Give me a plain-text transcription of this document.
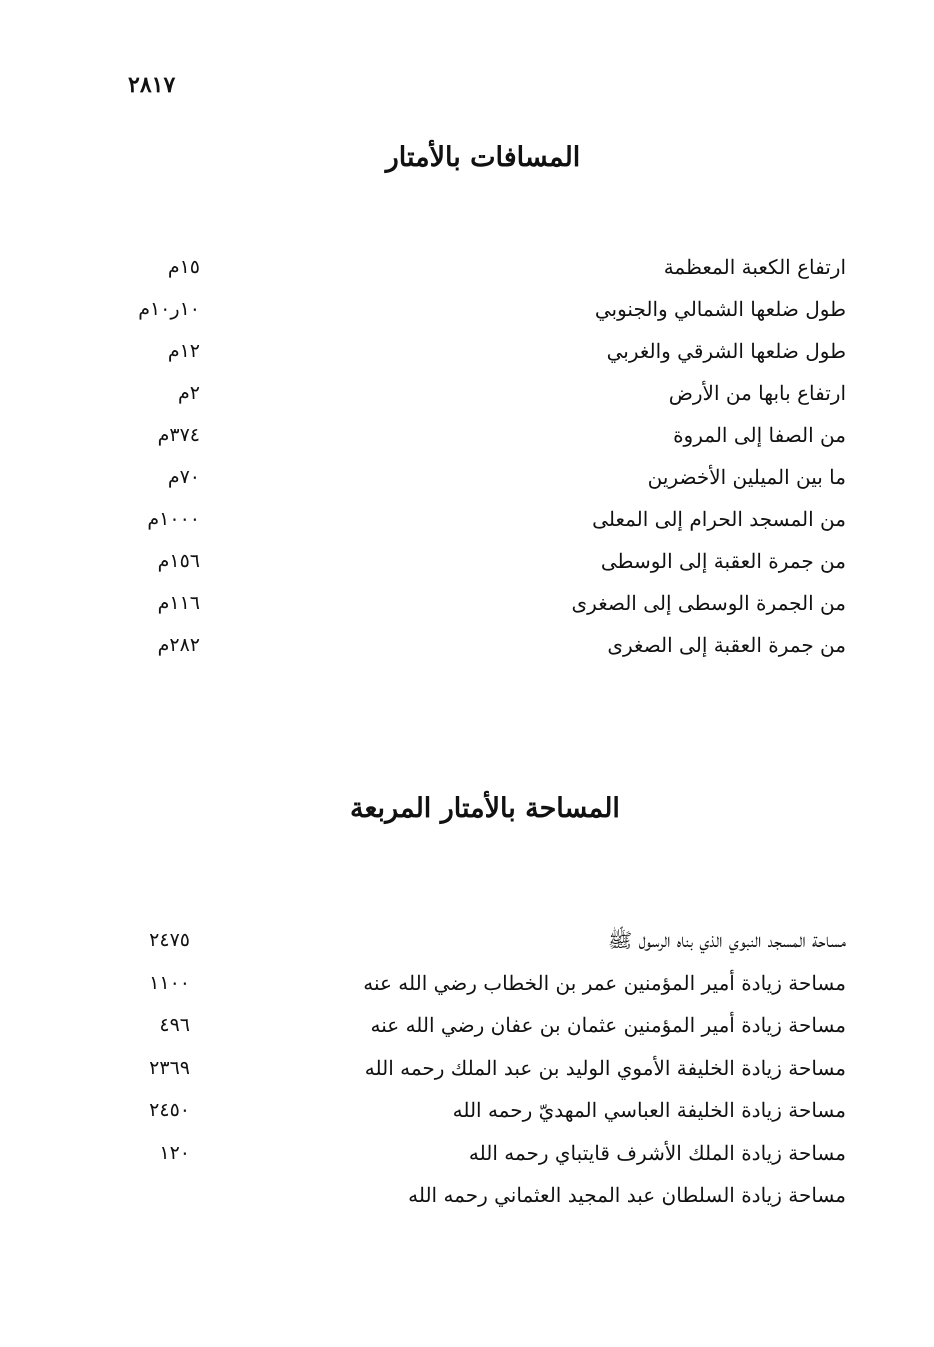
٢٨١٧
المسافات بالأمتار
ارتفاع الكعبة المعظمة
١٥م
طول ضلعها الشمالي والجنوبي
١٠ر١٠م
طول ضلعها الشرقي والغربي
١٢م
ارتفاع بابها من الأرض
٢م
من الصفا إلى المروة
٣٧٤م
ما بين الميلين الأخضرين
٧٠م
من المسجد الحرام إلى المعلى
١٠٠٠م
من جمرة العقبة إلى الوسطى
١٥٦م
من الجمرة الوسطى إلى الصغرى
١١٦م
من جمرة العقبة إلى الصغرى
٢٨٢م
المساحة بالأمتار المربعة
مساحة المسجد النبوي الذي بناه الرسول ﷺ
٢٤٧٥
مساحة زيادة أمير المؤمنين عمر بن الخطاب رضي الله عنه
١١٠٠
مساحة زيادة أمير المؤمنين عثمان بن عفان رضي الله عنه
٤٩٦
مساحة زيادة الخليفة الأموي الوليد بن عبد الملك رحمه الله
٢٣٦٩
مساحة زيادة الخليفة العباسي المهديّ رحمه الله
٢٤٥٠
مساحة زيادة الملك الأشرف قايتباي رحمه الله
١٢٠
مساحة زيادة السلطان عبد المجيد العثماني رحمه الله
